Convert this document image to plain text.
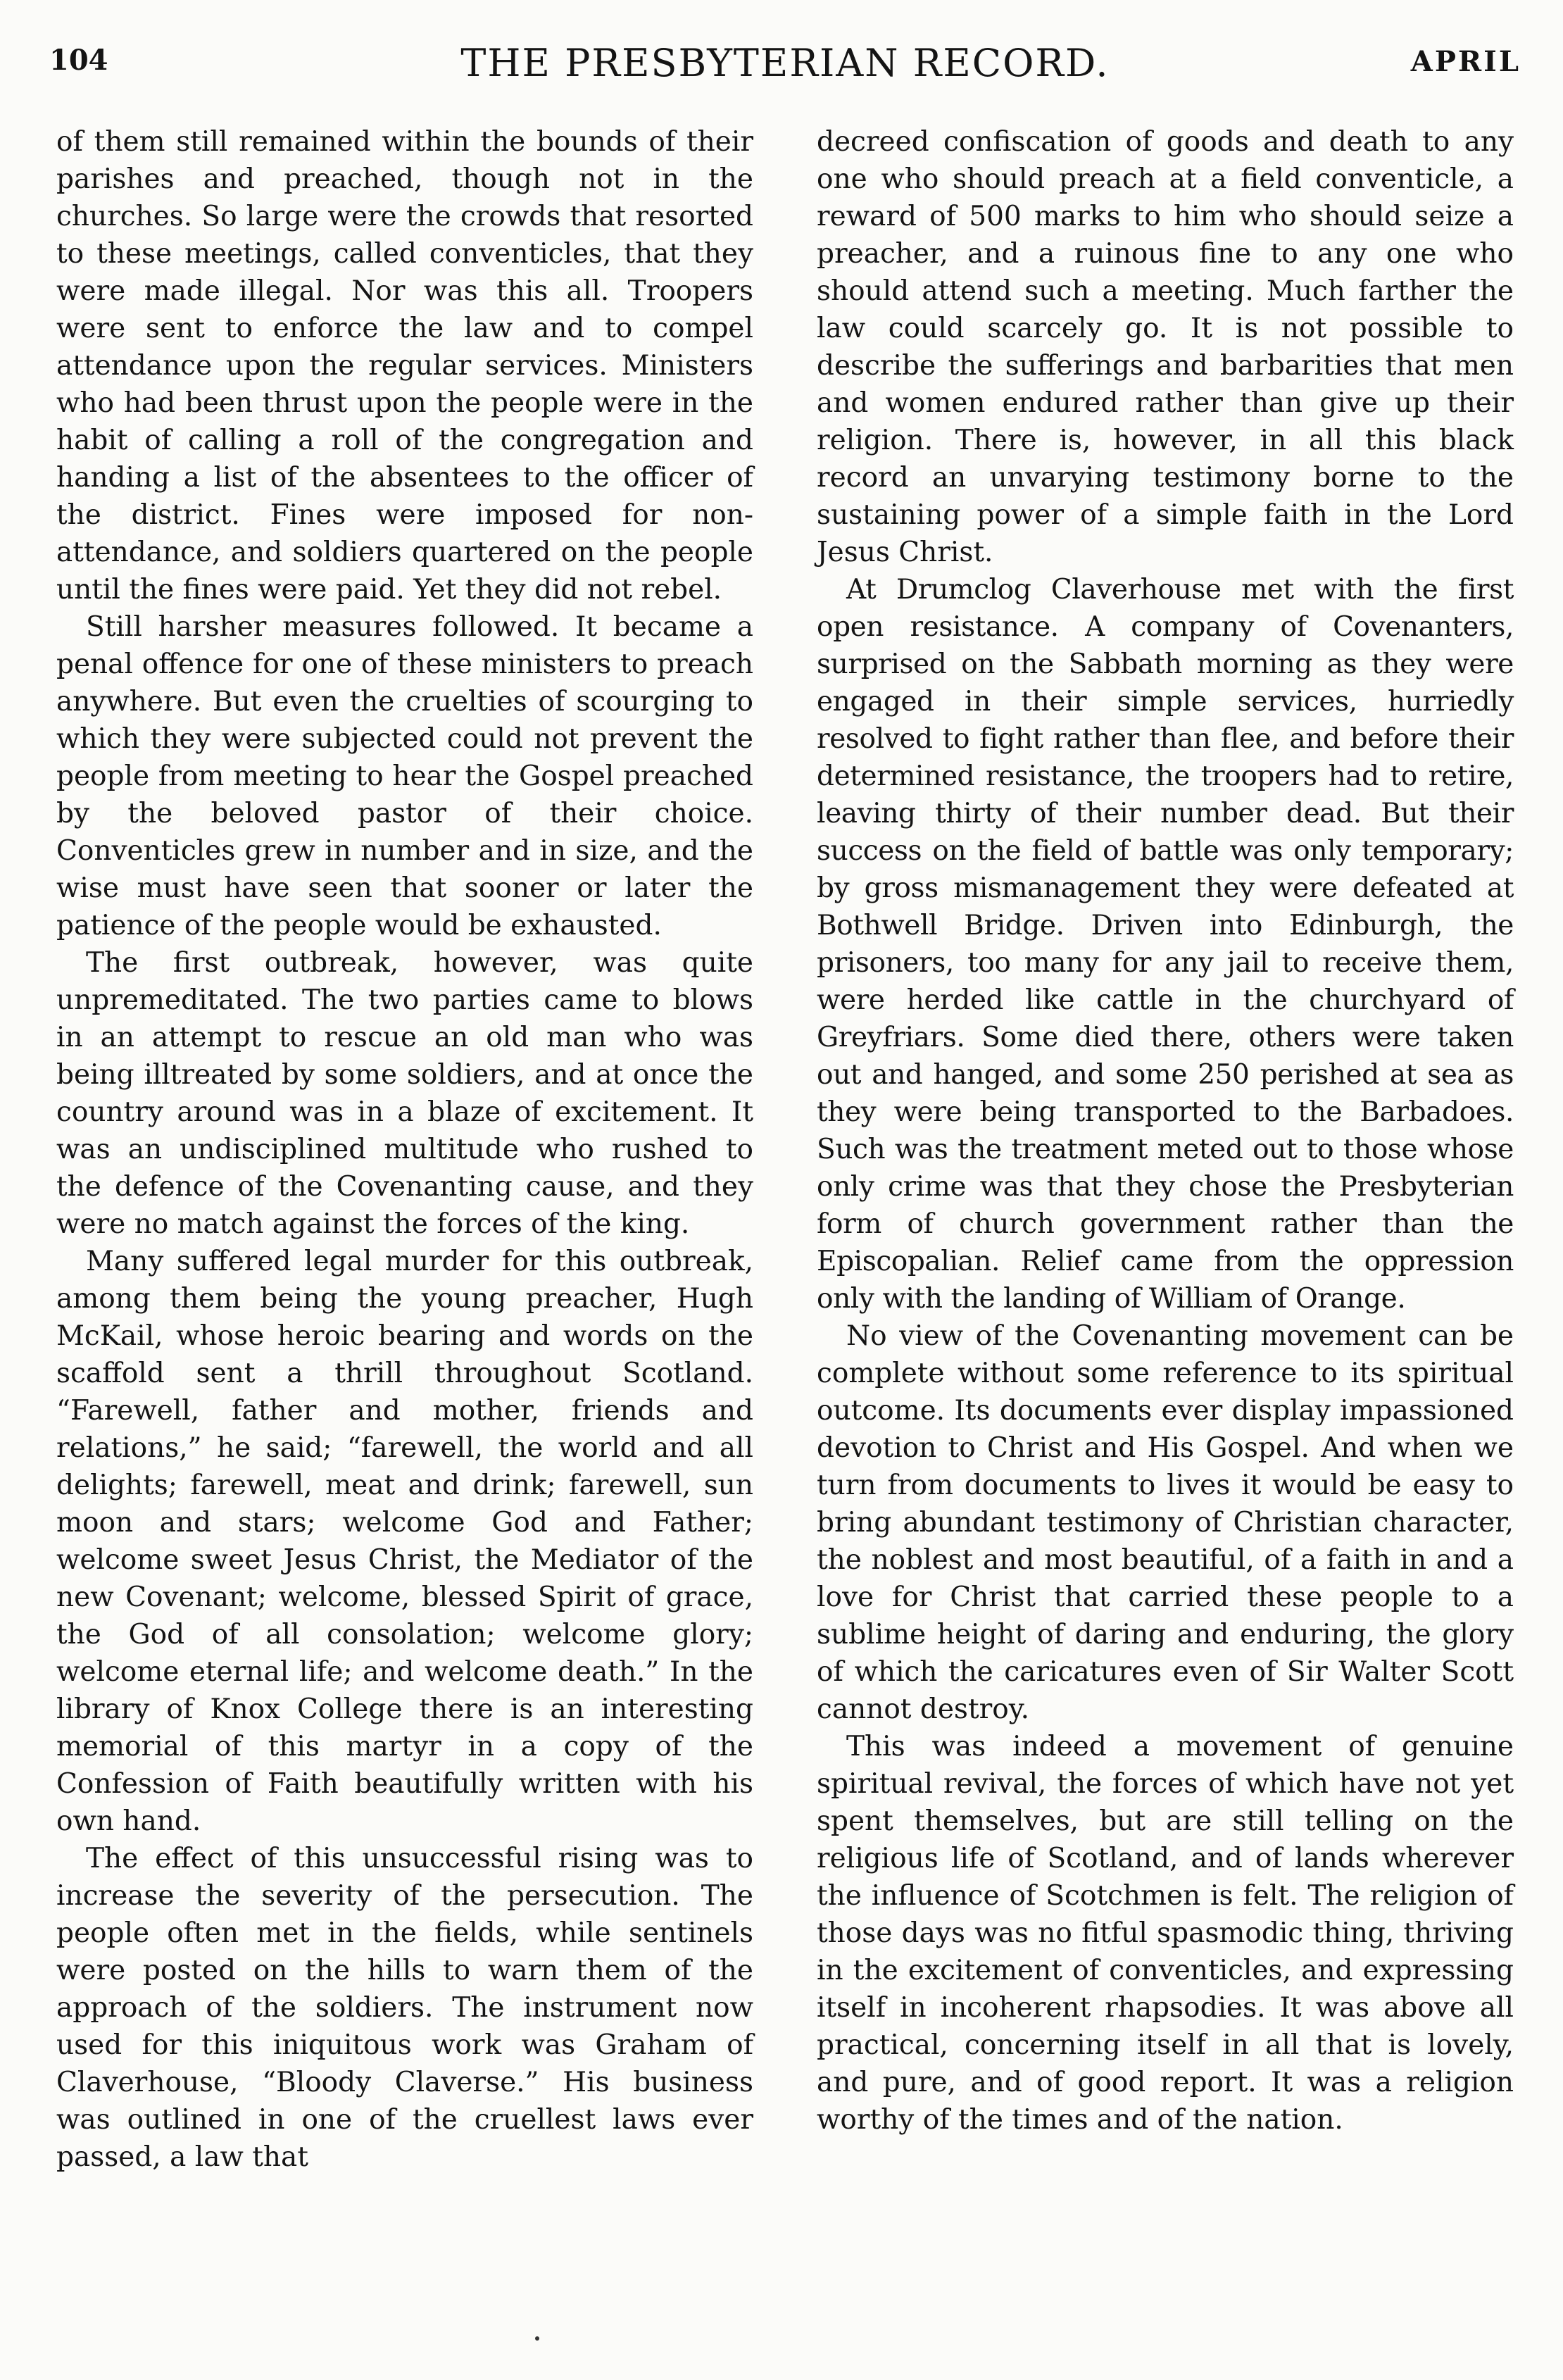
104	THE PRESBYTERIAN RECORD.	APRIL

of them still remained within the bounds of their parishes and preached, though not in the churches. So large were the crowds that resorted to these meetings, called conventicles, that they were made illegal. Nor was this all. Troopers were sent to enforce the law and to compel attendance upon the regular services. Ministers who had been thrust upon the people were in the habit of calling a roll of the congregation and handing a list of the absentees to the officer of the district. Fines were imposed for non-attendance, and soldiers quartered on the people until the fines were paid. Yet they did not rebel.

Still harsher measures followed. It became a penal offence for one of these ministers to preach anywhere. But even the cruelties of scourging to which they were subjected could not prevent the people from meeting to hear the Gospel preached by the beloved pastor of their choice. Conventicles grew in number and in size, and the wise must have seen that sooner or later the patience of the people would be exhausted.

The first outbreak, however, was quite unpremeditated. The two parties came to blows in an attempt to rescue an old man who was being illtreated by some soldiers, and at once the country around was in a blaze of excitement. It was an undisciplined multitude who rushed to the defence of the Covenanting cause, and they were no match against the forces of the king.

Many suffered legal murder for this outbreak, among them being the young preacher, Hugh McKail, whose heroic bearing and words on the scaffold sent a thrill throughout Scotland. “Farewell, father and mother, friends and relations,” he said; “farewell, the world and all delights; farewell, meat and drink; farewell, sun moon and stars; welcome God and Father; welcome sweet Jesus Christ, the Mediator of the new Covenant; welcome, blessed Spirit of grace, the God of all consolation; welcome glory; welcome eternal life; and welcome death.” In the library of Knox College there is an interesting memorial of this martyr in a copy of the Confession of Faith beautifully written with his own hand.

The effect of this unsuccessful rising was to increase the severity of the persecution. The people often met in the fields, while sentinels were posted on the hills to warn them of the approach of the soldiers. The instrument now used for this iniquitous work was Graham of Claverhouse, “Bloody Claverse.” His business was outlined in one of the cruellest laws ever passed, a law that

decreed confiscation of goods and death to any one who should preach at a field conventicle, a reward of 500 marks to him who should seize a preacher, and a ruinous fine to any one who should attend such a meeting. Much farther the law could scarcely go. It is not possible to describe the sufferings and barbarities that men and women endured rather than give up their religion. There is, however, in all this black record an unvarying testimony borne to the sustaining power of a simple faith in the Lord Jesus Christ.

At Drumclog Claverhouse met with the first open resistance. A company of Covenanters, surprised on the Sabbath morning as they were engaged in their simple services, hurriedly resolved to fight rather than flee, and before their determined resistance, the troopers had to retire, leaving thirty of their number dead. But their success on the field of battle was only temporary; by gross mismanagement they were defeated at Bothwell Bridge. Driven into Edinburgh, the prisoners, too many for any jail to receive them, were herded like cattle in the churchyard of Greyfriars. Some died there, others were taken out and hanged, and some 250 perished at sea as they were being transported to the Barbadoes. Such was the treatment meted out to those whose only crime was that they chose the Presbyterian form of church government rather than the Episcopalian. Relief came from the oppression only with the landing of William of Orange.

No view of the Covenanting movement can be complete without some reference to its spiritual outcome. Its documents ever display impassioned devotion to Christ and His Gospel. And when we turn from documents to lives it would be easy to bring abundant testimony of Christian character, the noblest and most beautiful, of a faith in and a love for Christ that carried these people to a sublime height of daring and enduring, the glory of which the caricatures even of Sir Walter Scott cannot destroy.

This was indeed a movement of genuine spiritual revival, the forces of which have not yet spent themselves, but are still telling on the religious life of Scotland, and of lands wherever the influence of Scotchmen is felt. The religion of those days was no fitful spasmodic thing, thriving in the excitement of conventicles, and expressing itself in incoherent rhapsodies. It was above all practical, concerning itself in all that is lovely, and pure, and of good report. It was a religion worthy of the times and of the nation.
